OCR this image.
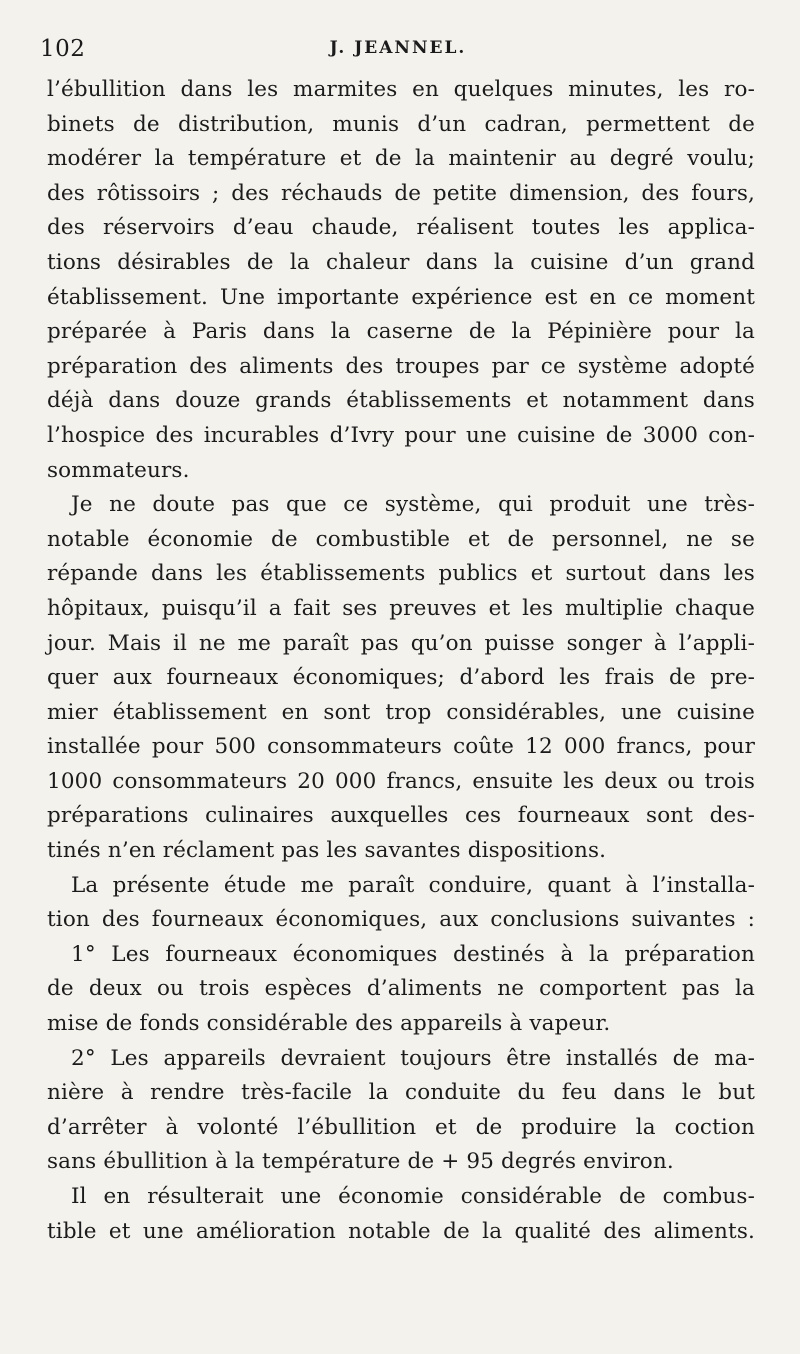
102	J. JEANNEL.
l’ébullition dans les marmites en quelques minutes, les ro-
binets de distribution, munis d’un cadran, permettent de
modérer la température et de la maintenir au degré voulu;
des rôtissoirs ; des réchauds de petite dimension, des fours,
des réservoirs d’eau chaude, réalisent toutes les applica-
tions désirables de la chaleur dans la cuisine d’un grand
établissement. Une importante expérience est en ce moment
préparée à Paris dans la caserne de la Pépinière pour la
préparation des aliments des troupes par ce système adopté
déjà dans douze grands établissements et notamment dans
l’hospice des incurables d’Ivry pour une cuisine de 3000 con-
sommateurs.
Je ne doute pas que ce système, qui produit une très-
notable économie de combustible et de personnel, ne se
répande dans les établissements publics et surtout dans les
hôpitaux, puisqu’il a fait ses preuves et les multiplie chaque
jour. Mais il ne me paraît pas qu’on puisse songer à l’appli-
quer aux fourneaux économiques; d’abord les frais de pre-
mier établissement en sont trop considérables, une cuisine
installée pour 500 consommateurs coûte 12 000 francs, pour
1000 consommateurs 20 000 francs, ensuite les deux ou trois
préparations culinaires auxquelles ces fourneaux sont des-
tinés n’en réclament pas les savantes dispositions.
La présente étude me paraît conduire, quant à l’installa-
tion des fourneaux économiques, aux conclusions suivantes :
1° Les fourneaux économiques destinés à la préparation
de deux ou trois espèces d’aliments ne comportent pas la
mise de fonds considérable des appareils à vapeur.
2° Les appareils devraient toujours être installés de ma-
nière à rendre très-facile la conduite du feu dans le but
d’arrêter à volonté l’ébullition et de produire la coction
sans ébullition à la température de + 95 degrés environ.
Il en résulterait une économie considérable de combus-
tible et une amélioration notable de la qualité des aliments.
